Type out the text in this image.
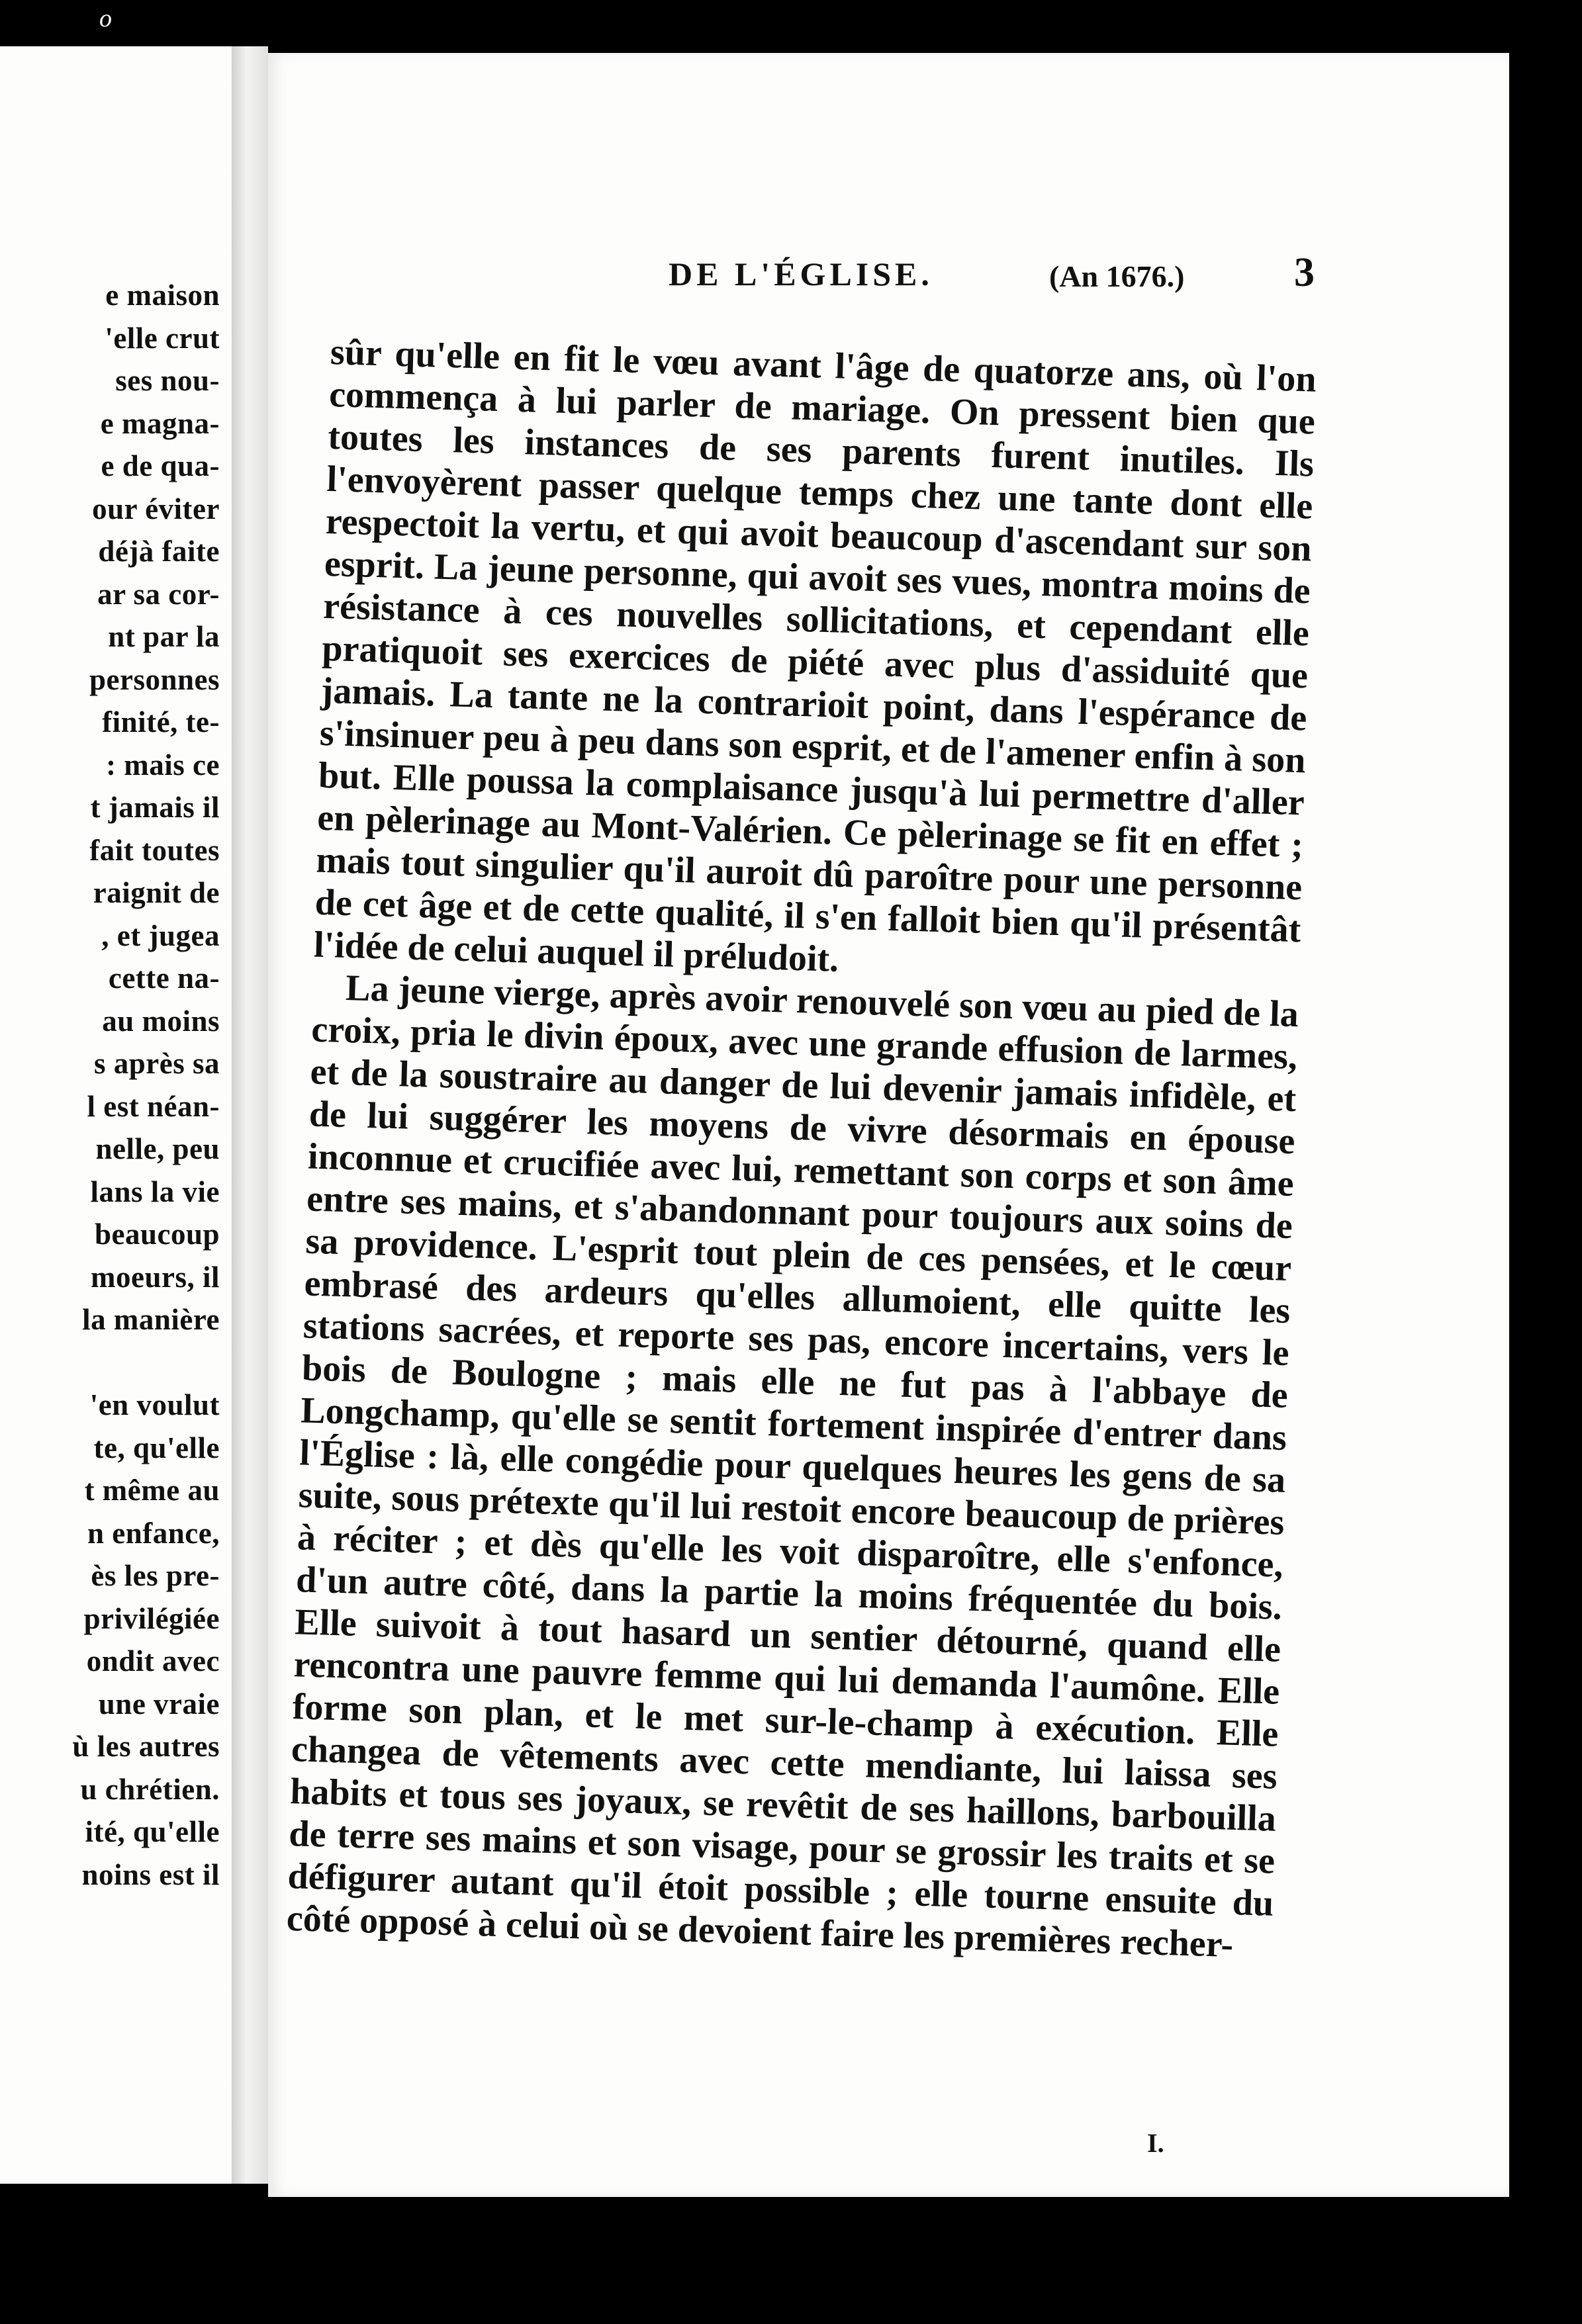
o
e maison
'elle crut
ses nou-
e magna-
e de qua-
our éviter
déjà faite
ar sa cor-
nt par la
personnes
finité, te-
: mais ce
t jamais il
fait toutes
raignit de
, et jugea
cette na-
au moins
s après sa
l est néan-
nelle, peu
lans la vie
beaucoup
moeurs, il
la manière
'en voulut
te, qu'elle
t même au
n enfance,
ès les pre-
privilégiée
ondit avec
une vraie
ù les autres
u chrétien.
ité, qu'elle
noins est il
DE L'ÉGLISE.	(An 1676.)	3

sûr qu'elle en fit le vœu avant l'âge de quatorze ans, où l'on commença à lui parler de mariage. On pressent bien que toutes les instances de ses parents furent inutiles. Ils l'envoyèrent passer quelque temps chez une tante dont elle respectoit la vertu, et qui avoit beaucoup d'ascendant sur son esprit. La jeune personne, qui avoit ses vues, montra moins de résistance à ces nouvelles sollicitations, et cependant elle pratiquoit ses exercices de piété avec plus d'assiduité que jamais. La tante ne la contrarioit point, dans l'espérance de s'insinuer peu à peu dans son esprit, et de l'amener enfin à son but. Elle poussa la complaisance jusqu'à lui permettre d'aller en pèlerinage au Mont-Valérien. Ce pèlerinage se fit en effet ; mais tout singulier qu'il auroit dû paroître pour une personne de cet âge et de cette qualité, il s'en falloit bien qu'il présentât l'idée de celui auquel il préludoit.

La jeune vierge, après avoir renouvelé son vœu au pied de la croix, pria le divin époux, avec une grande effusion de larmes, et de la soustraire au danger de lui devenir jamais infidèle, et de lui suggérer les moyens de vivre désormais en épouse inconnue et crucifiée avec lui, remettant son corps et son âme entre ses mains, et s'abandonnant pour toujours aux soins de sa providence. L'esprit tout plein de ces pensées, et le cœur embrasé des ardeurs qu'elles allumoient, elle quitte les stations sacrées, et reporte ses pas, encore incertains, vers le bois de Boulogne ; mais elle ne fut pas à l'abbaye de Longchamp, qu'elle se sentit fortement inspirée d'entrer dans l'Église : là, elle congédie pour quelques heures les gens de sa suite, sous prétexte qu'il lui restoit encore beaucoup de prières à réciter ; et dès qu'elle les voit disparoître, elle s'enfonce, d'un autre côté, dans la partie la moins fréquentée du bois. Elle suivoit à tout hasard un sentier détourné, quand elle rencontra une pauvre femme qui lui demanda l'aumône. Elle forme son plan, et le met sur-le-champ à exécution. Elle changea de vêtements avec cette mendiante, lui laissa ses habits et tous ses joyaux, se revêtit de ses haillons, barbouilla de terre ses mains et son visage, pour se grossir les traits et se défigurer autant qu'il étoit possible ; elle tourne ensuite du côté opposé à celui où se devoient faire les premières recher-

I.
